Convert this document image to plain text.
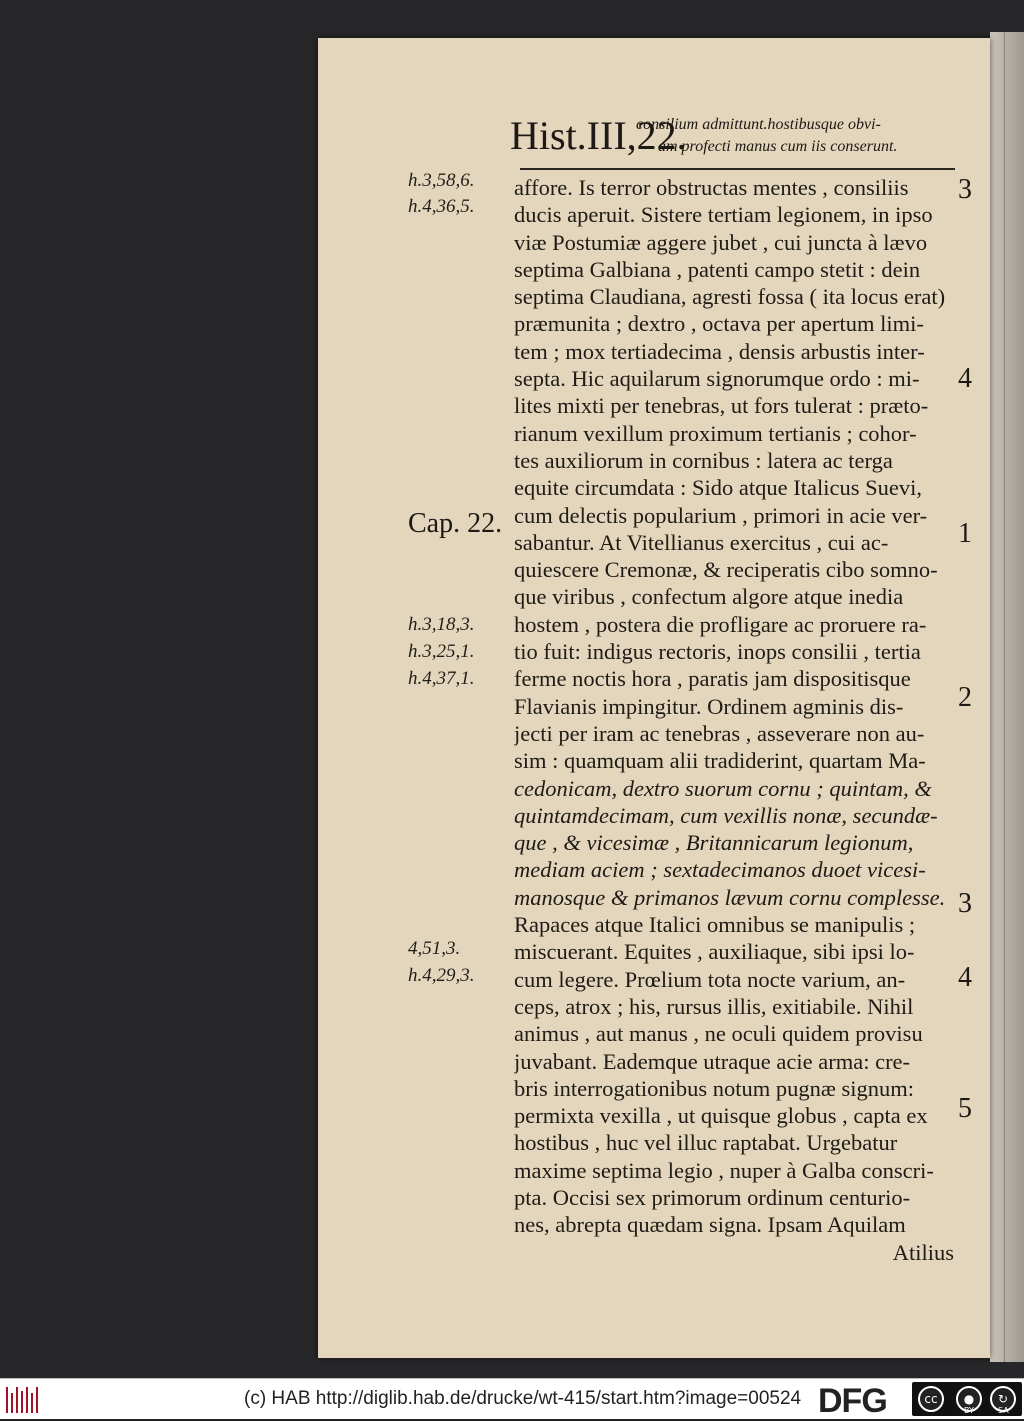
Hist.III,22.
consilium admittunt.hostibusque obvi-
am profecti manus cum iis conserunt.
h.3,58,6.
h.4,36,5.
Cap. 22.
h.3,18,3.
h.3,25,1.
h.4,37,1.
4,51,3.
h.4,29,3.
affore. Is terror obstructas mentes , consiliis
ducis aperuit. Sistere tertiam legionem, in ipso
viæ Postumiæ aggere jubet , cui juncta à lævo
septima Galbiana , patenti campo stetit : dein
septima Claudiana, agresti fossa ( ita locus erat)
præmunita ; dextro , octava per apertum limi-
tem ; mox tertiadecima , densis arbustis inter-
septa. Hic aquilarum signorumque ordo : mi-
lites mixti per tenebras, ut fors tulerat : præto-
rianum vexillum proximum tertianis ; cohor-
tes auxiliorum in cornibus : latera ac terga
equite circumdata : Sido atque Italicus Suevi,
cum delectis popularium , primori in acie ver-
sabantur. At Vitellianus exercitus , cui ac-
quiescere Cremonæ, & reciperatis cibo somno-
que viribus , confectum algore atque inedia
hostem , postera die profligare ac proruere ra-
tio fuit: indigus rectoris, inops consilii , tertia
ferme noctis hora , paratis jam dispositisque
Flavianis impingitur. Ordinem agminis dis-
jecti per iram ac tenebras , asseverare non au-
sim : quamquam alii tradiderint, quartam Ma-
cedonicam, dextro suorum cornu ; quintam, &
quintamdecimam, cum vexillis nonæ, secundæ-
que , & vicesimæ , Britannicarum legionum,
mediam aciem ; sextadecimanos duoet vicesi-
manosque & primanos lævum cornu complesse.
Rapaces atque Italici omnibus se manipulis ;
miscuerant. Equites , auxiliaque, sibi ipsi lo-
cum legere. Prœlium tota nocte varium, an-
ceps, atrox ; his, rursus illis, exitiabile. Nihil
animus , aut manus , ne oculi quidem provisu
juvabant. Eademque utraque acie arma: cre-
bris interrogationibus notum pugnæ signum:
permixta vexilla , ut quisque globus , capta ex
hostibus , huc vel illuc raptabat. Urgebatur
maxime septima legio , nuper à Galba conscri-
pta. Occisi sex primorum ordinum centurio-
nes, abrepta quædam signa. Ipsam Aquilam
Atilius
3
4
1
2
3
4
5
(c) HAB http://diglib.hab.de/drucke/wt-415/start.htm?image=00524 DFG	cc	●	↻
BY	SA
